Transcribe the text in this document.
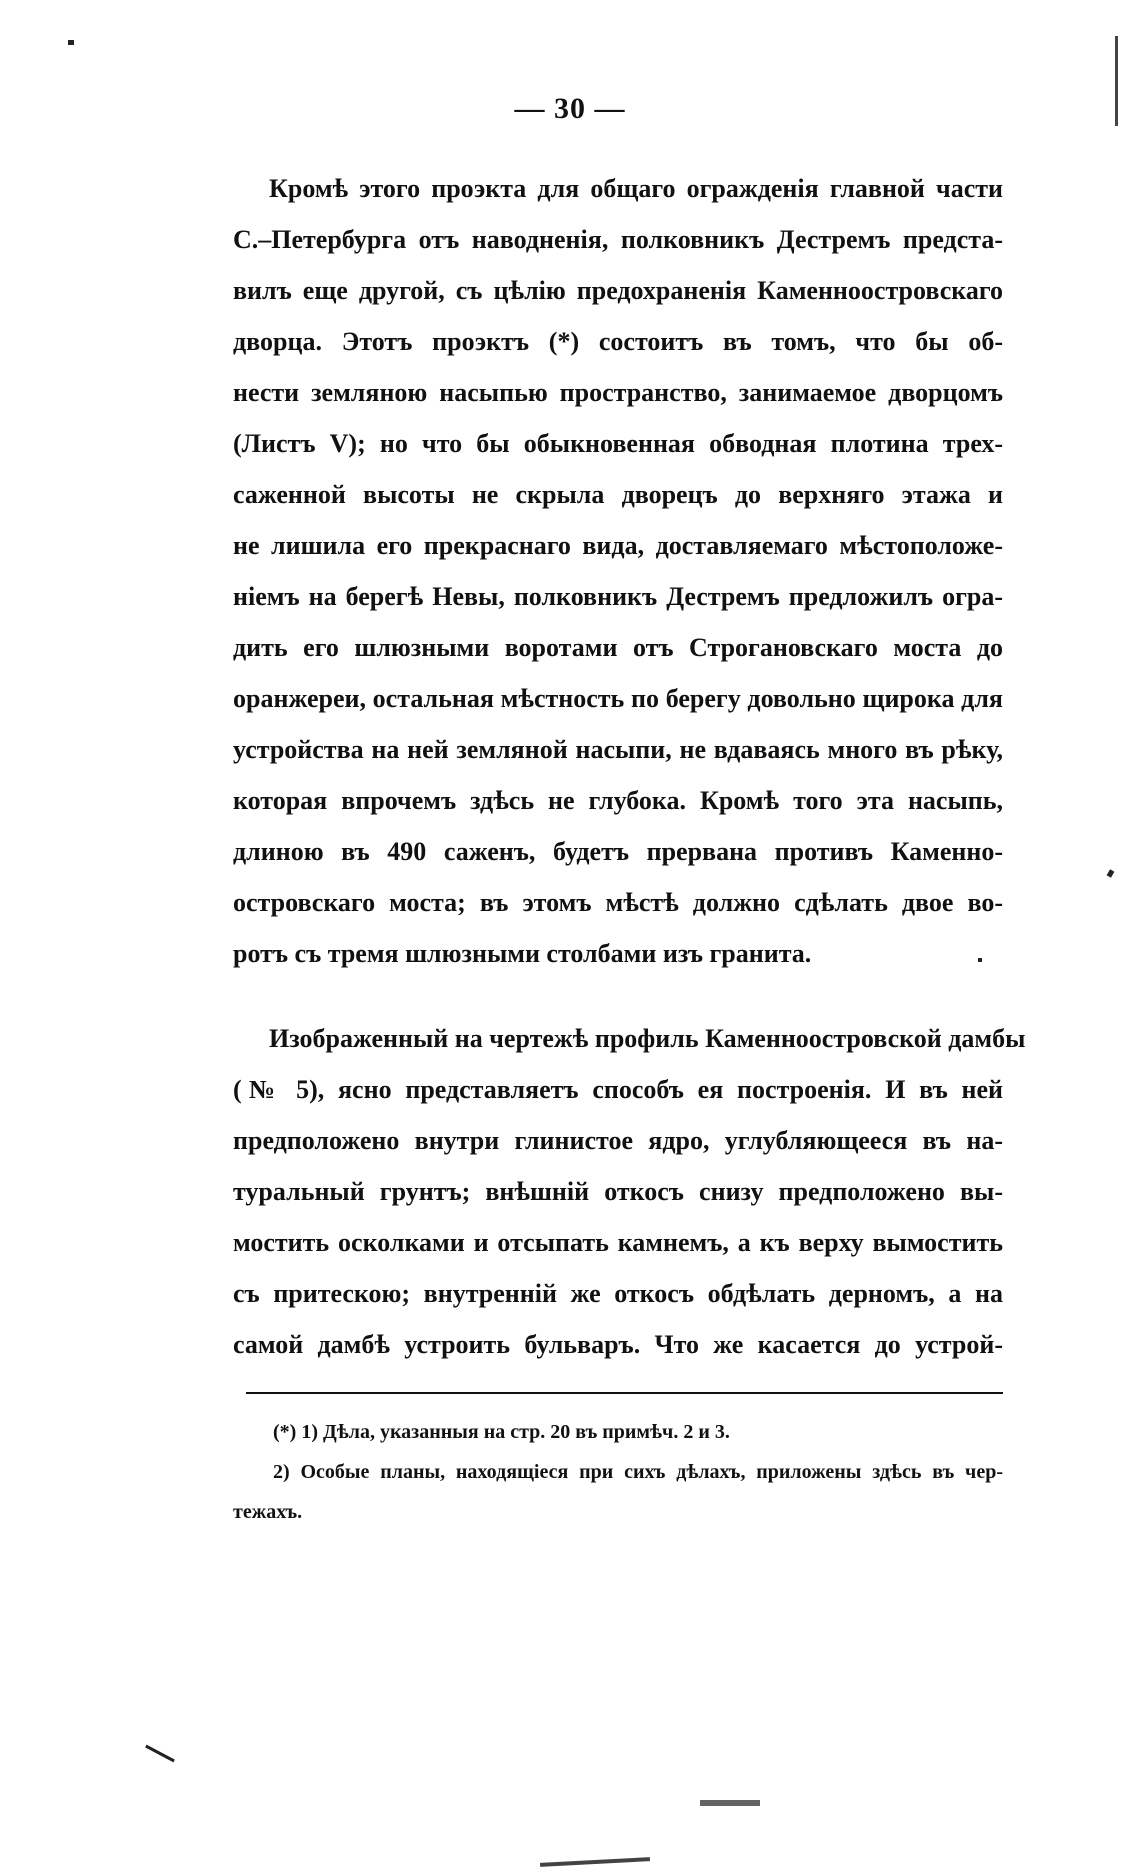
— 30 —
Кромѣ этого проэкта для общаго огражденія главной части
С.–Петербурга отъ наводненія, полковникъ Дестремъ предста-
вилъ еще другой, съ цѣлію предохраненія Каменноостровскаго
дворца. Этотъ проэктъ (*) состоитъ въ томъ, что бы об-
нести земляною насыпью пространство, занимаемое дворцомъ
(Листъ V); но что бы обыкновенная обводная плотина трех-
саженной высоты не скрыла дворецъ до верхняго этажа и
не лишила его прекраснаго вида, доставляемаго мѣстоположе-
ніемъ на берегѣ Невы, полковникъ Дестремъ предложилъ огра-
дить его шлюзными воротами отъ Строгановскаго моста до
оранжереи, остальная мѣстность по берегу довольно щирока для
устройства на ней земляной насыпи, не вдаваясь много въ рѣку,
которая впрочемъ здѣсь не глубока. Кромѣ того эта насыпь,
длиною въ 490 саженъ, будетъ прервана противъ Каменно-
островскаго моста; въ этомъ мѣстѣ должно сдѣлать двое во-
ротъ съ тремя шлюзными столбами изъ гранита.
Изображенный на чертежѣ профиль Каменноостровской дамбы
(№ 5), ясно представляетъ способъ ея построенія. И въ ней
предположено внутри глинистое ядро, углубляющееся въ на-
туральный грунтъ; внѣшній откосъ снизу предположено вы-
мостить осколками и отсыпать камнемъ, а къ верху вымостить
съ притескою; внутренній же откосъ обдѣлать дерномъ, а на
самой дамбѣ устроить бульваръ. Что же касается до устрой-
(*) 1) Дѣла, указанныя на стр. 20 въ примѣч. 2 и 3.
2) Особые планы, находящіеся при сихъ дѣлахъ, приложены здѣсь въ чер-
тежахъ.
